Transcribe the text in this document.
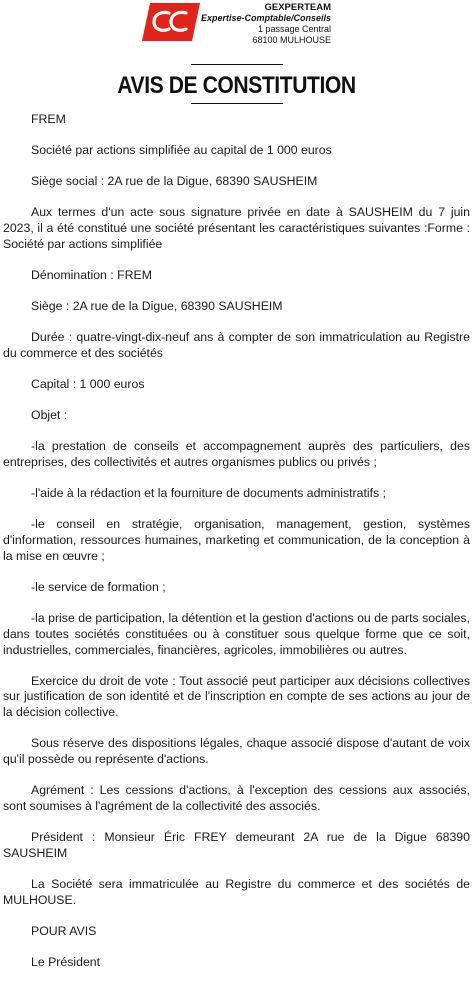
GEXPERTEAM
Expertise-Comptable/Conseils
1 passage Central
68100 MULHOUSE
AVIS DE CONSTITUTION

FREM

Société par actions simplifiée au capital de 1 000 euros

Siège social : 2A rue de la Digue, 68390 SAUSHEIM

Aux termes d'un acte sous signature privée en date à SAUSHEIM du 7 juin 2023, il a été constitué une société présentant les caractéristiques suivantes :Forme : Société par actions simplifiée

Dénomination : FREM

Siège : 2A rue de la Digue, 68390 SAUSHEIM

Durée : quatre-vingt-dix-neuf ans à compter de son immatriculation au Registre du commerce et des sociétés

Capital : 1 000 euros

Objet :

-la prestation de conseils et accompagnement auprès des particuliers, des entreprises, des collectivités et autres organismes publics ou privés ;

-l'aide à la rédaction et la fourniture de documents administratifs ;

-le conseil en stratégie, organisation, management, gestion, systèmes d'information, ressources humaines, marketing et communication, de la conception à la mise en œuvre ;

-le service de formation ;

-la prise de participation, la détention et la gestion d'actions ou de parts sociales, dans toutes sociétés constituées ou à constituer sous quelque forme que ce soit, industrielles, commerciales, financières, agricoles, immobilières ou autres.

Exercice du droit de vote : Tout associé peut participer aux décisions collectives sur justification de son identité et de l'inscription en compte de ses actions au jour de la décision collective.

Sous réserve des dispositions légales, chaque associé dispose d'autant de voix qu'il possède ou représente d'actions.

Agrément : Les cessions d'actions, à l'exception des cessions aux associés, sont soumises à l'agrément de la collectivité des associés.

Président : Monsieur Éric FREY demeurant 2A rue de la Digue 68390 SAUSHEIM

La Société sera immatriculée au Registre du commerce et des sociétés de MULHOUSE.

POUR AVIS

Le Président
